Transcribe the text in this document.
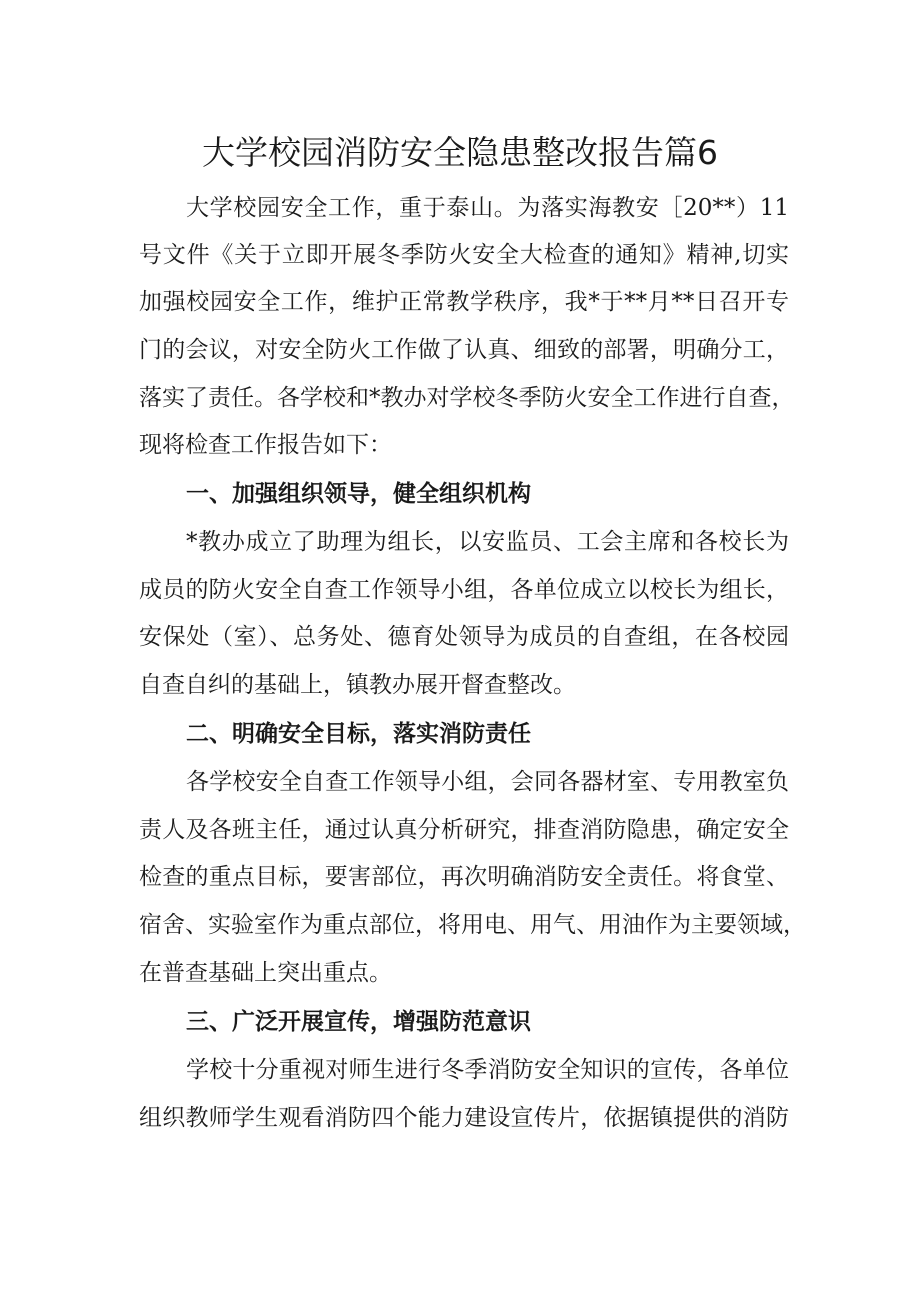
大学校园消防安全隐患整改报告篇6

大学校园安全工作，重于泰山。为落实海教安［20**）11

号文件《关于立即开展冬季防火安全大检查的通知》精神,切实

加强校园安全工作，维护正常教学秩序，我*于**月**日召开专

门的会议，对安全防火工作做了认真、细致的部署，明确分工，

落实了责任。各学校和*教办对学校冬季防火安全工作进行自查，

现将检查工作报告如下：

一、加强组织领导，健全组织机构

*教办成立了助理为组长，以安监员、工会主席和各校长为

成员的防火安全自查工作领导小组，各单位成立以校长为组长，

安保处（室）、总务处、德育处领导为成员的自查组，在各校园

自查自纠的基础上，镇教办展开督查整改。

二、明确安全目标，落实消防责任

各学校安全自查工作领导小组，会同各器材室、专用教室负

责人及各班主任，通过认真分析研究，排查消防隐患，确定安全

检查的重点目标，要害部位，再次明确消防安全责任。将食堂、

宿舍、实验室作为重点部位，将用电、用气、用油作为主要领域，

在普查基础上突出重点。

三、广泛开展宣传，增强防范意识

学校十分重视对师生进行冬季消防安全知识的宣传，各单位

组织教师学生观看消防四个能力建设宣传片，依据镇提供的消防
